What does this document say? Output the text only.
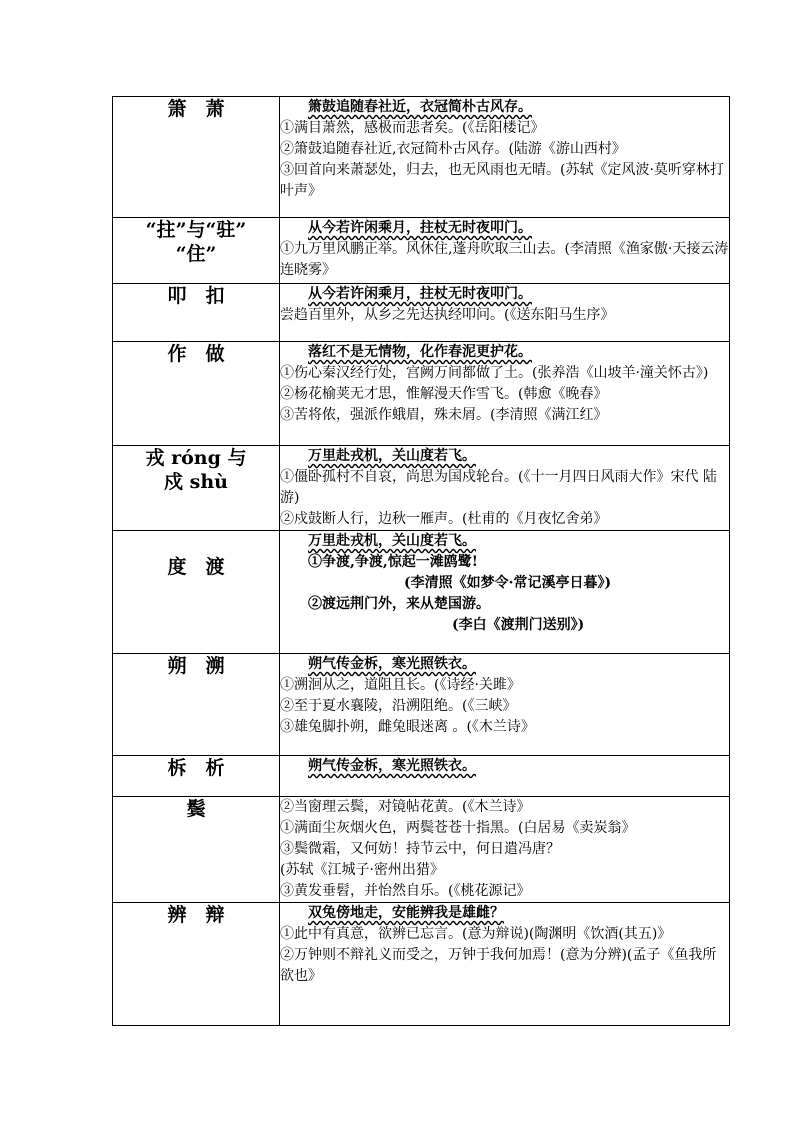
箫　萧	箫鼓追随春社近，衣冠简朴古风存。
①满目萧然，感极而悲者矣。(《岳阳楼记》
②箫鼓追随春社近,衣冠简朴古风存。(陆游《游山西村》
③回首向来萧瑟处，归去，也无风雨也无晴。(苏轼《定风波·莫听穿林打叶声》

“拄”与“驻”
“住”	从今若许闲乘月，拄杖无时夜叩门。
①九万里风鹏正举。风休住,蓬舟吹取三山去。(李清照《渔家傲·天接云涛连晓雾》

叩　扣	从今若许闲乘月，拄杖无时夜叩门。
尝趋百里外，从乡之先达执经叩问。(《送东阳马生序》

作　做	落红不是无情物，化作春泥更护花。
①伤心秦汉经行处，宫阙万间都做了土。(张养浩《山坡羊·潼关怀古》)
②杨花榆荚无才思，惟解漫天作雪飞。(韩愈《晚春》
③苦将侬，强派作蛾眉，殊未屑。(李清照《满江红》

戎 róng 与
戍 shù	万里赴戎机，关山度若飞。
①僵卧孤村不自哀，尚思为国戍轮台。(《十一月四日风雨大作》宋代 陆游)
②戍鼓断人行，边秋一雁声。(杜甫的《月夜忆舍弟》

度　渡	万里赴戎机，关山度若飞。
①争渡,争渡,惊起一滩鸥鹭!
(李清照《如梦令·常记溪亭日暮》)
②渡远荆门外，来从楚国游。
(李白《渡荆门送别》)

朔　溯	朔气传金柝，寒光照铁衣。
①溯洄从之，道阻且长。(《诗经·关雎》
②至于夏水襄陵，沿溯阻绝。(《三峡》
③雄兔脚扑朔，雌兔眼迷离 。(《木兰诗》

柝　析	朔气传金柝，寒光照铁衣。

鬓	②当窗理云鬓，对镜帖花黄。(《木兰诗》
①满面尘灰烟火色，两鬓苍苍十指黑。(白居易《卖炭翁》
③鬓微霜，又何妨！持节云中，何日遣冯唐？
(苏轼《江城子·密州出猎》
③黄发垂髫，并怡然自乐。(《桃花源记》

辨　辩	双兔傍地走，安能辨我是雄雌？
①此中有真意，欲辨已忘言。(意为辩说)(陶渊明《饮酒(其五)》
②万钟则不辩礼义而受之，万钟于我何加焉！(意为分辨)(孟子《鱼我所欲也》
